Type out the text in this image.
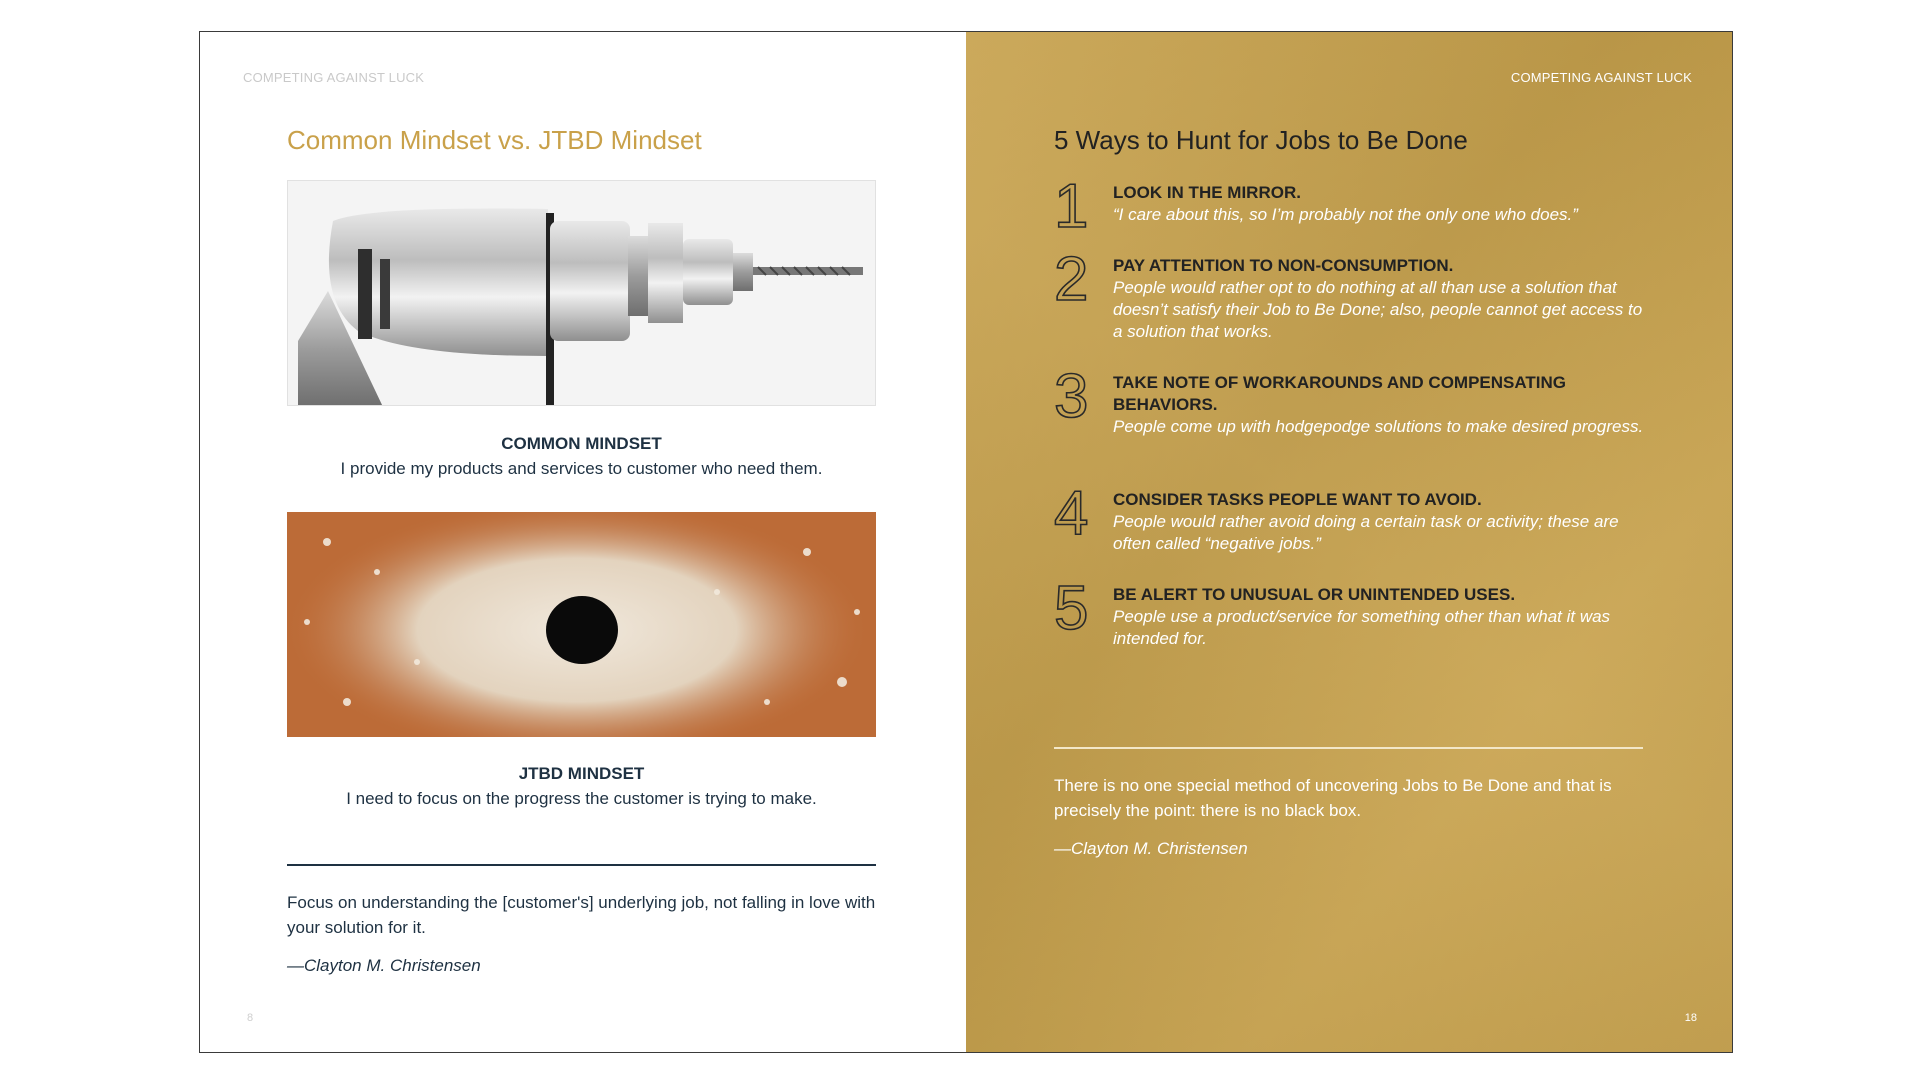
COMPETING AGAINST LUCK
Common Mindset vs. JTBD Mindset
COMMON MINDSET
I provide my products and services to customer who need them.
JTBD MINDSET
I need to focus on the progress the customer is trying to make.
Focus on understanding the [customer's] underlying job, not falling in love with your solution for it.
—Clayton M. Christensen
8
COMPETING AGAINST LUCK
5 Ways to Hunt for Jobs to Be Done
1 LOOK IN THE MIRROR.
“I care about this, so I’m probably not the only one who does.”
2 PAY ATTENTION TO NON-CONSUMPTION.
People would rather opt to do nothing at all than use a solution that doesn’t satisfy their Job to Be Done; also, people cannot get access to a solution that works.
3 TAKE NOTE OF WORKAROUNDS AND COMPENSATING BEHAVIORS.
People come up with hodgepodge solutions to make desired progress.
4 CONSIDER TASKS PEOPLE WANT TO AVOID.
People would rather avoid doing a certain task or activity; these are often called “negative jobs.”
5 BE ALERT TO UNUSUAL OR UNINTENDED USES.
People use a product/service for something other than what it was intended for.
There is no one special method of uncovering Jobs to Be Done and that is precisely the point: there is no black box.
—Clayton M. Christensen
18
